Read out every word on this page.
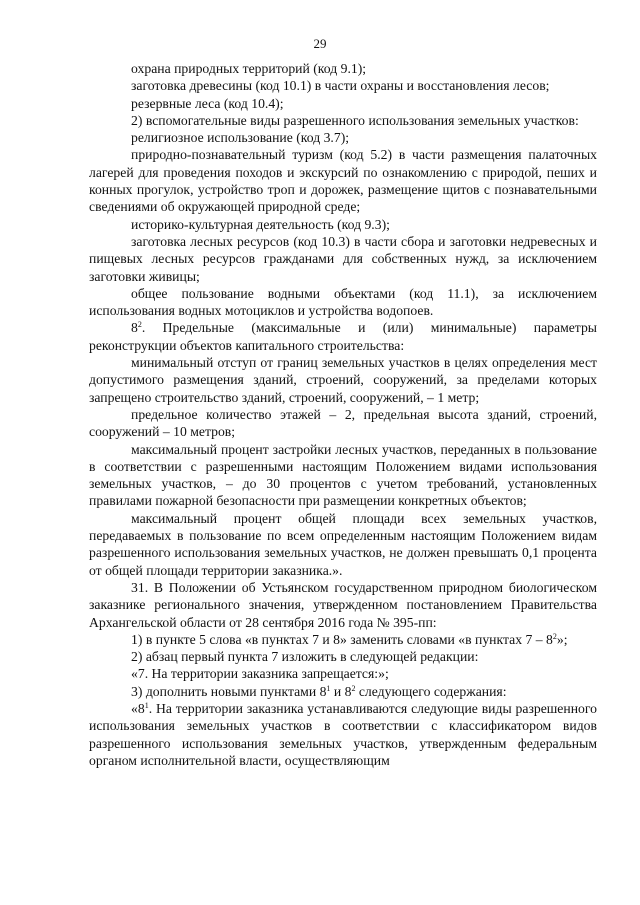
29

охрана природных территорий (код 9.1);

заготовка древесины (код 10.1) в части охраны и восстановления лесов;

резервные леса (код 10.4);

2) вспомогательные виды разрешенного использования земельных участков:

религиозное использование (код 3.7);

природно-познавательный туризм (код 5.2) в части размещения палаточных лагерей для проведения походов и экскурсий по ознакомлению с природой, пеших и конных прогулок, устройство троп и дорожек, размещение щитов с познавательными сведениями об окружающей природной среде;

историко-культурная деятельность (код 9.3);

заготовка лесных ресурсов (код 10.3) в части сбора и заготовки недревесных и пищевых лесных ресурсов гражданами для собственных нужд, за исключением заготовки живицы;

общее пользование водными объектами (код 11.1), за исключением использования водных мотоциклов и устройства водопоев.

$8^2$. Предельные (максимальные и (или) минимальные) параметры реконструкции объектов капитального строительства:

минимальный отступ от границ земельных участков в целях определения мест допустимого размещения зданий, строений, сооружений, за пределами которых запрещено строительство зданий, строений, сооружений, – 1 метр;

предельное количество этажей – 2, предельная высота зданий, строений, сооружений – 10 метров;

максимальный процент застройки лесных участков, переданных в пользование в соответствии с разрешенными настоящим Положением видами использования земельных участков, – до 30 процентов с учетом требований, установленных правилами пожарной безопасности при размещении конкретных объектов;

максимальный процент общей площади всех земельных участков, передаваемых в пользование по всем определенным настоящим Положением видам разрешенного использования земельных участков, не должен превышать 0,1 процента от общей площади территории заказника.».

31. В Положении об Устьянском государственном природном биологическом заказнике регионального значения, утвержденном постановлением Правительства Архангельской области от 28 сентября 2016 года № 395-пп:

1) в пункте 5 слова «в пунктах 7 и 8» заменить словами «в пунктах $7 - 8^2$»;

2) абзац первый пункта 7 изложить в следующей редакции:

«7. На территории заказника запрещается:»;

3) дополнить новыми пунктами $8^1$ и $8^2$ следующего содержания:

«$8^1$. На территории заказника устанавливаются следующие виды разрешенного использования земельных участков в соответствии с классификатором видов разрешенного использования земельных участков, утвержденным федеральным органом исполнительной власти, осуществляющим
